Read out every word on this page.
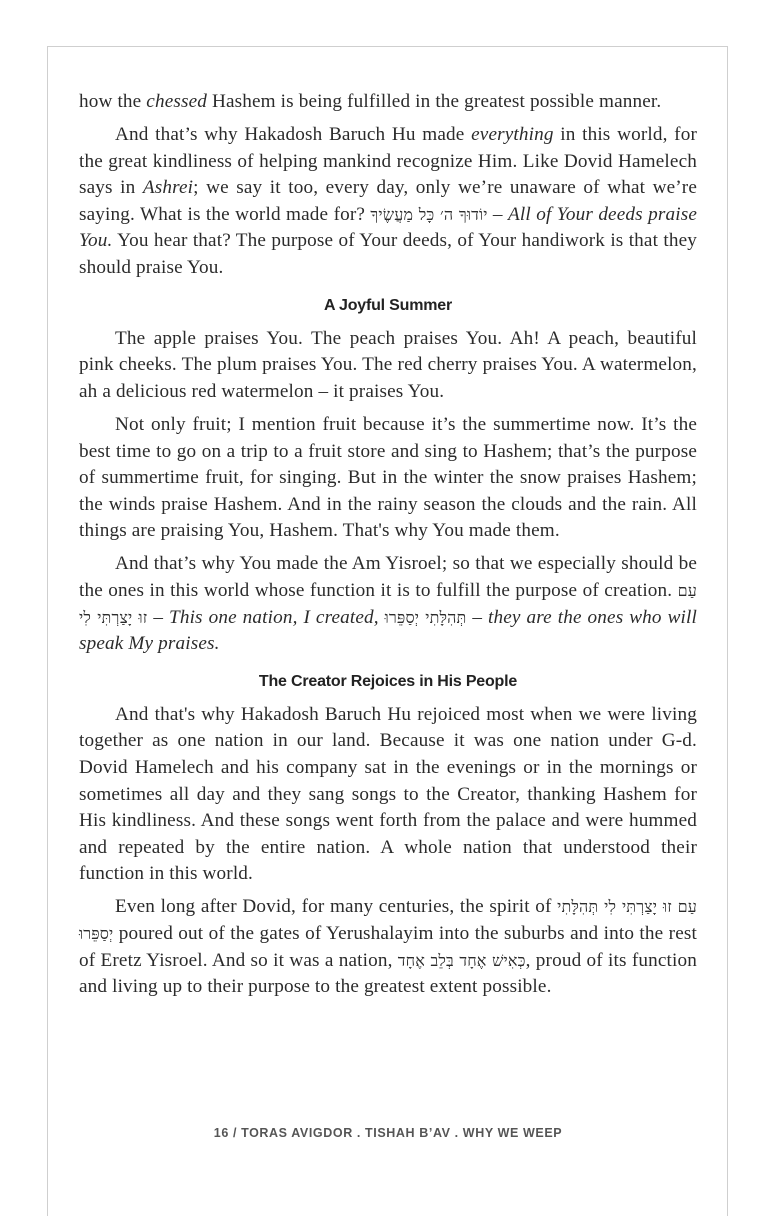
how the chessed Hashem is being fulfilled in the greatest possible manner.

And that’s why Hakadosh Baruch Hu made everything in this world, for the great kindliness of helping mankind recognize Him. Like Dovid Hamelech says in Ashrei; we say it too, every day, only we’re unaware of what we’re saying. What is the world made for? יוֹדוּךָ ה׳ כָּל מַעֲשֶׂיךָ – All of Your deeds praise You. You hear that? The purpose of Your deeds, of Your handiwork is that they should praise You.

A Joyful Summer

The apple praises You. The peach praises You. Ah! A peach, beautiful pink cheeks. The plum praises You. The red cherry praises You. A watermelon, ah a delicious red watermelon – it praises You.

Not only fruit; I mention fruit because it’s the summertime now. It’s the best time to go on a trip to a fruit store and sing to Hashem; that’s the purpose of summertime fruit, for singing. But in the winter the snow praises Hashem; the winds praise Hashem. And in the rainy season the clouds and the rain. All things are praising You, Hashem. That's why You made them.

And that’s why You made the Am Yisroel; so that we especially should be the ones in this world whose function it is to fulfill the purpose of creation. עַם זוּ יָצַרְתִּי לִי – This one nation, I created, תְּהִלָּתִי יְסַפֵּרוּ – they are the ones who will speak My praises.

The Creator Rejoices in His People

And that's why Hakadosh Baruch Hu rejoiced most when we were living together as one nation in our land. Because it was one nation under G-d. Dovid Hamelech and his company sat in the evenings or in the mornings or sometimes all day and they sang songs to the Creator, thanking Hashem for His kindliness. And these songs went forth from the palace and were hummed and repeated by the entire nation. A whole nation that understood their function in this world.

Even long after Dovid, for many centuries, the spirit of עַם זוּ יָצַרְתִּי לִי תְּהִלָּתִי יְסַפֵּרוּ poured out of the gates of Yerushalayim into the suburbs and into the rest of Eretz Yisroel. And so it was a nation, כְּאִישׁ אֶחָד בְּלֵב אֶחָד, proud of its function and living up to their purpose to the greatest extent possible.

16 / TORAS AVIGDOR . TISHAH B’AV . WHY WE WEEP
